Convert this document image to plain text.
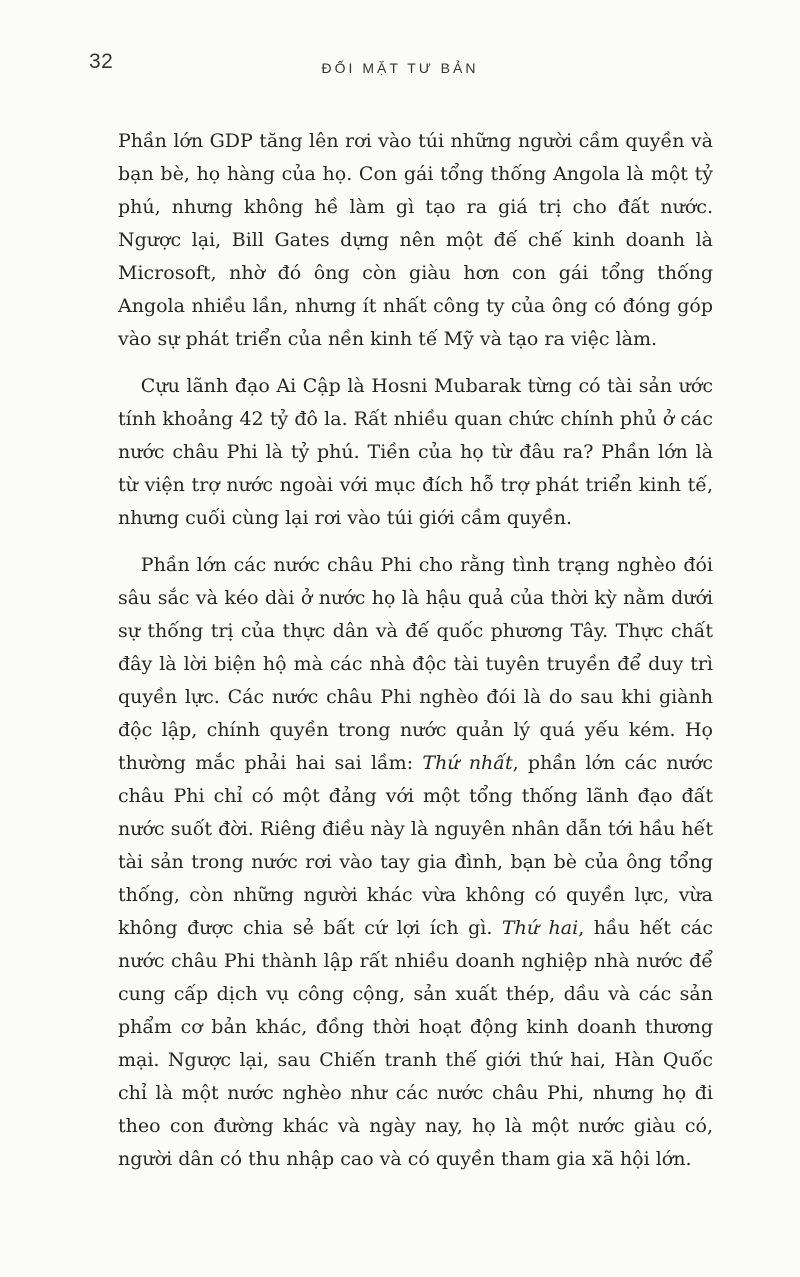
32	ĐỐI MẶT TƯ BẢN

Phần lớn GDP tăng lên rơi vào túi những người cầm quyền và bạn bè, họ hàng của họ. Con gái tổng thống Angola là một tỷ phú, nhưng không hề làm gì tạo ra giá trị cho đất nước. Ngược lại, Bill Gates dựng nên một đế chế kinh doanh là Microsoft, nhờ đó ông còn giàu hơn con gái tổng thống Angola nhiều lần, nhưng ít nhất công ty của ông có đóng góp vào sự phát triển của nền kinh tế Mỹ và tạo ra việc làm.

Cựu lãnh đạo Ai Cập là Hosni Mubarak từng có tài sản ước tính khoảng 42 tỷ đô la. Rất nhiều quan chức chính phủ ở các nước châu Phi là tỷ phú. Tiền của họ từ đâu ra? Phần lớn là từ viện trợ nước ngoài với mục đích hỗ trợ phát triển kinh tế, nhưng cuối cùng lại rơi vào túi giới cầm quyền.

Phần lớn các nước châu Phi cho rằng tình trạng nghèo đói sâu sắc và kéo dài ở nước họ là hậu quả của thời kỳ nằm dưới sự thống trị của thực dân và đế quốc phương Tây. Thực chất đây là lời biện hộ mà các nhà độc tài tuyên truyền để duy trì quyền lực. Các nước châu Phi nghèo đói là do sau khi giành độc lập, chính quyền trong nước quản lý quá yếu kém. Họ thường mắc phải hai sai lầm: Thứ nhất, phần lớn các nước châu Phi chỉ có một đảng với một tổng thống lãnh đạo đất nước suốt đời. Riêng điều này là nguyên nhân dẫn tới hầu hết tài sản trong nước rơi vào tay gia đình, bạn bè của ông tổng thống, còn những người khác vừa không có quyền lực, vừa không được chia sẻ bất cứ lợi ích gì. Thứ hai, hầu hết các nước châu Phi thành lập rất nhiều doanh nghiệp nhà nước để cung cấp dịch vụ công cộng, sản xuất thép, dầu và các sản phẩm cơ bản khác, đồng thời hoạt động kinh doanh thương mại. Ngược lại, sau Chiến tranh thế giới thứ hai, Hàn Quốc chỉ là một nước nghèo như các nước châu Phi, nhưng họ đi theo con đường khác và ngày nay, họ là một nước giàu có, người dân có thu nhập cao và có quyền tham gia xã hội lớn.
